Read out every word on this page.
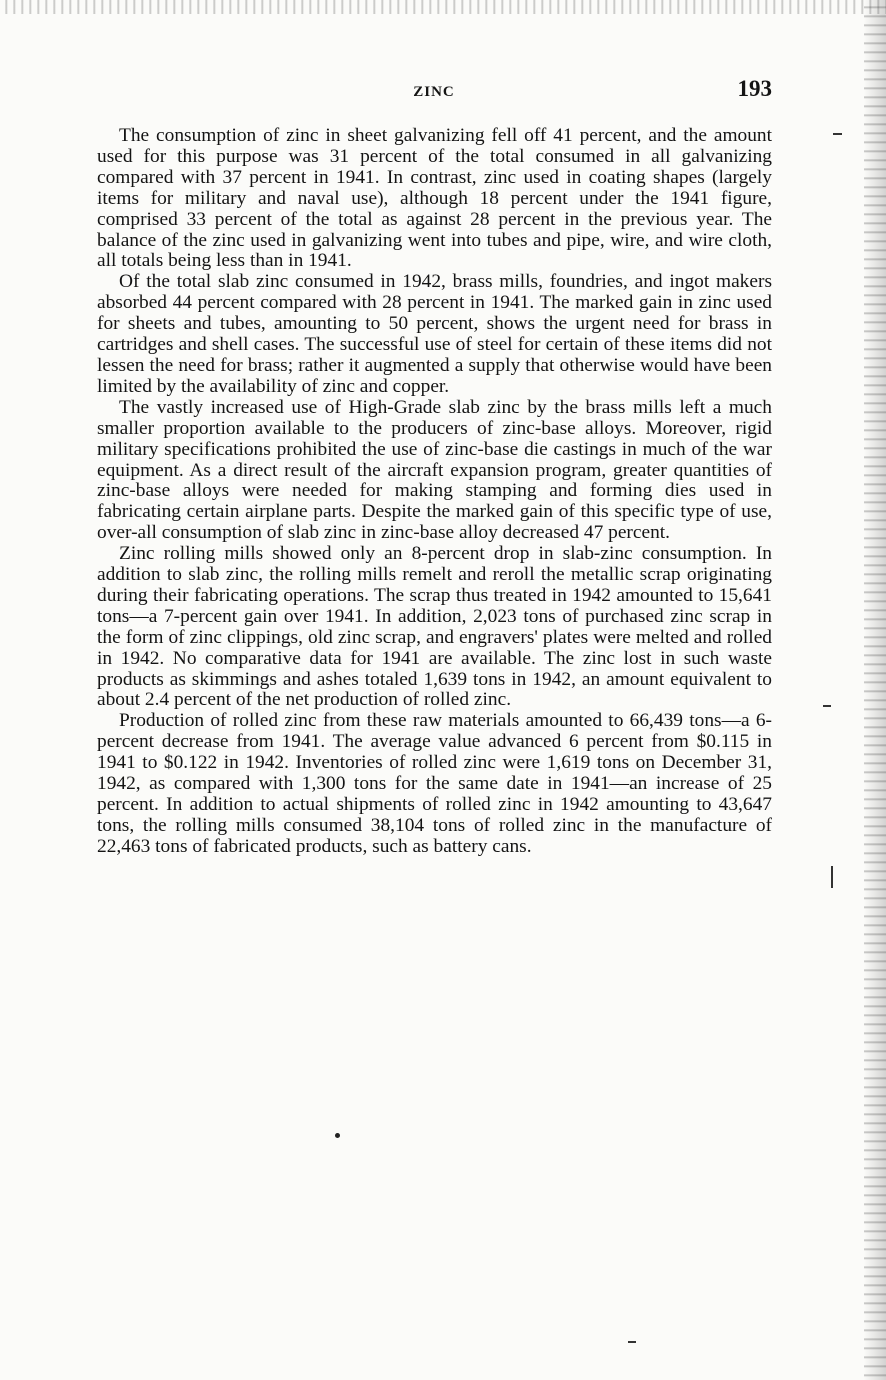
ZINC	193

The consumption of zinc in sheet galvanizing fell off 41 percent, and the amount used for this purpose was 31 percent of the total consumed in all galvanizing compared with 37 percent in 1941. In contrast, zinc used in coating shapes (largely items for military and naval use), although 18 percent under the 1941 figure, comprised 33 percent of the total as against 28 percent in the previous year. The balance of the zinc used in galvanizing went into tubes and pipe, wire, and wire cloth, all totals being less than in 1941.

Of the total slab zinc consumed in 1942, brass mills, foundries, and ingot makers absorbed 44 percent compared with 28 percent in 1941. The marked gain in zinc used for sheets and tubes, amounting to 50 percent, shows the urgent need for brass in cartridges and shell cases. The successful use of steel for certain of these items did not lessen the need for brass; rather it augmented a supply that otherwise would have been limited by the availability of zinc and copper.

The vastly increased use of High-Grade slab zinc by the brass mills left a much smaller proportion available to the producers of zinc-base alloys. Moreover, rigid military specifications prohibited the use of zinc-base die castings in much of the war equipment. As a direct result of the aircraft expansion program, greater quantities of zinc-base alloys were needed for making stamping and forming dies used in fabricating certain airplane parts. Despite the marked gain of this specific type of use, over-all consumption of slab zinc in zinc-base alloy decreased 47 percent.

Zinc rolling mills showed only an 8-percent drop in slab-zinc consumption. In addition to slab zinc, the rolling mills remelt and reroll the metallic scrap originating during their fabricating operations. The scrap thus treated in 1942 amounted to 15,641 tons—a 7-percent gain over 1941. In addition, 2,023 tons of purchased zinc scrap in the form of zinc clippings, old zinc scrap, and engravers' plates were melted and rolled in 1942. No comparative data for 1941 are available. The zinc lost in such waste products as skimmings and ashes totaled 1,639 tons in 1942, an amount equivalent to about 2.4 percent of the net production of rolled zinc.

Production of rolled zinc from these raw materials amounted to 66,439 tons—a 6-percent decrease from 1941. The average value advanced 6 percent from $0.115 in 1941 to $0.122 in 1942. Inventories of rolled zinc were 1,619 tons on December 31, 1942, as compared with 1,300 tons for the same date in 1941—an increase of 25 percent. In addition to actual shipments of rolled zinc in 1942 amounting to 43,647 tons, the rolling mills consumed 38,104 tons of rolled zinc in the manufacture of 22,463 tons of fabricated products, such as battery cans.
